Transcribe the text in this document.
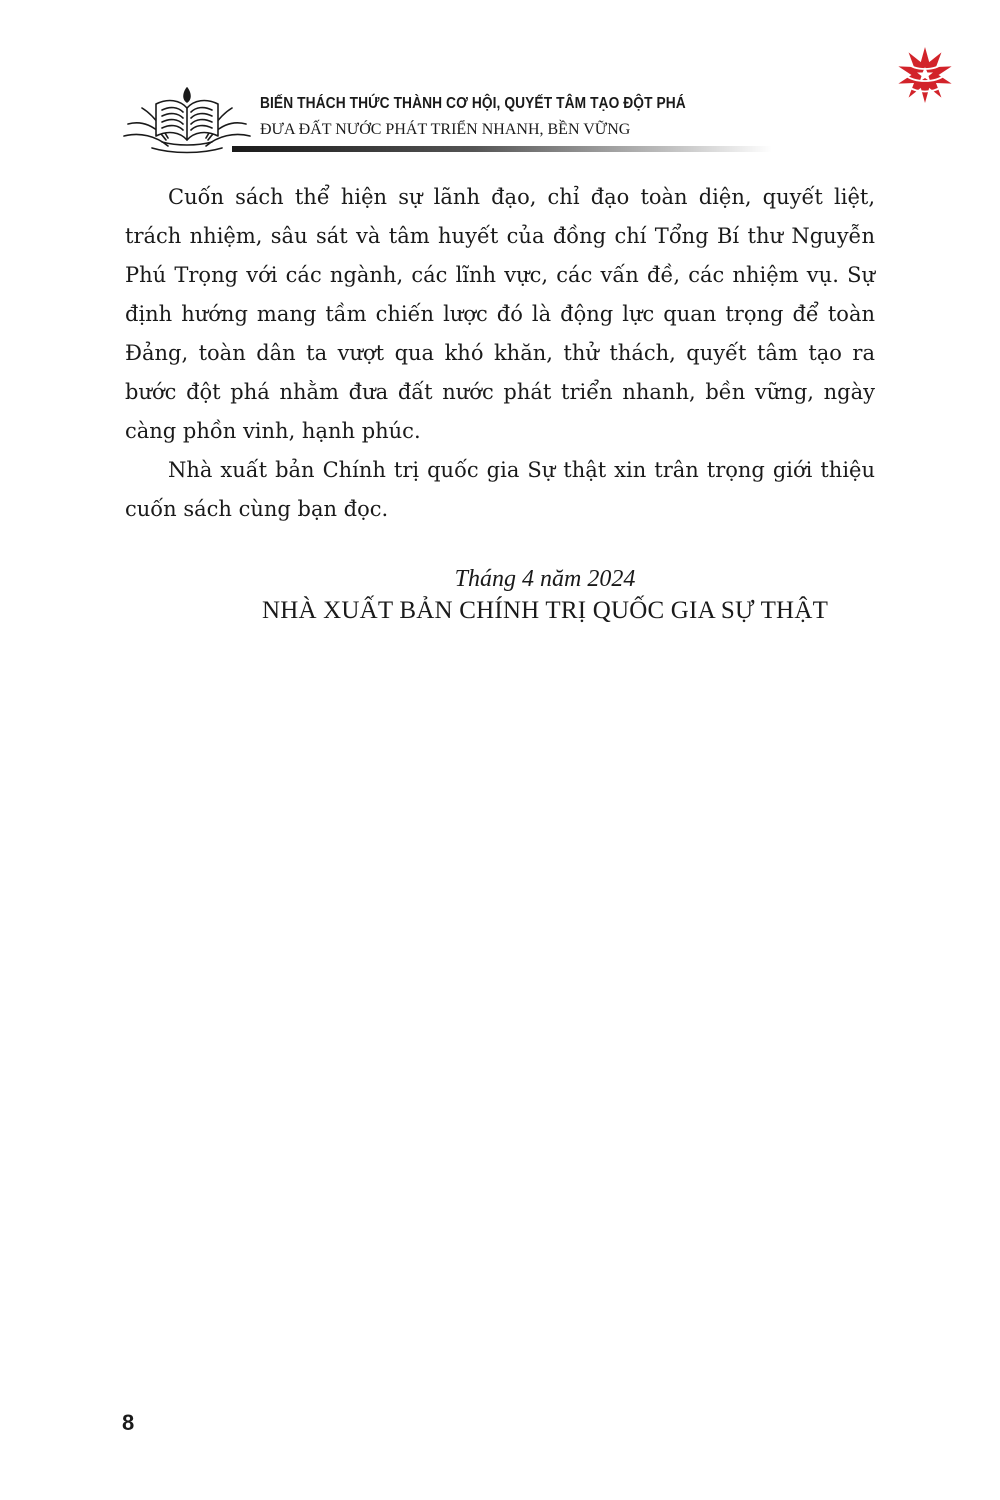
BIẾN THÁCH THỨC THÀNH CƠ HỘI, QUYẾT TÂM TẠO ĐỘT PHÁ
ĐƯA ĐẤT NƯỚC PHÁT TRIỂN NHANH, BỀN VỮNG

Cuốn sách thể hiện sự lãnh đạo, chỉ đạo toàn diện, quyết liệt, trách nhiệm, sâu sát và tâm huyết của đồng chí Tổng Bí thư Nguyễn Phú Trọng với các ngành, các lĩnh vực, các vấn đề, các nhiệm vụ. Sự định hướng mang tầm chiến lược đó là động lực quan trọng để toàn Đảng, toàn dân ta vượt qua khó khăn, thử thách, quyết tâm tạo ra bước đột phá nhằm đưa đất nước phát triển nhanh, bền vững, ngày càng phồn vinh, hạnh phúc.

Nhà xuất bản Chính trị quốc gia Sự thật xin trân trọng giới thiệu cuốn sách cùng bạn đọc.

Tháng 4 năm 2024
NHÀ XUẤT BẢN CHÍNH TRỊ QUỐC GIA SỰ THẬT
8
